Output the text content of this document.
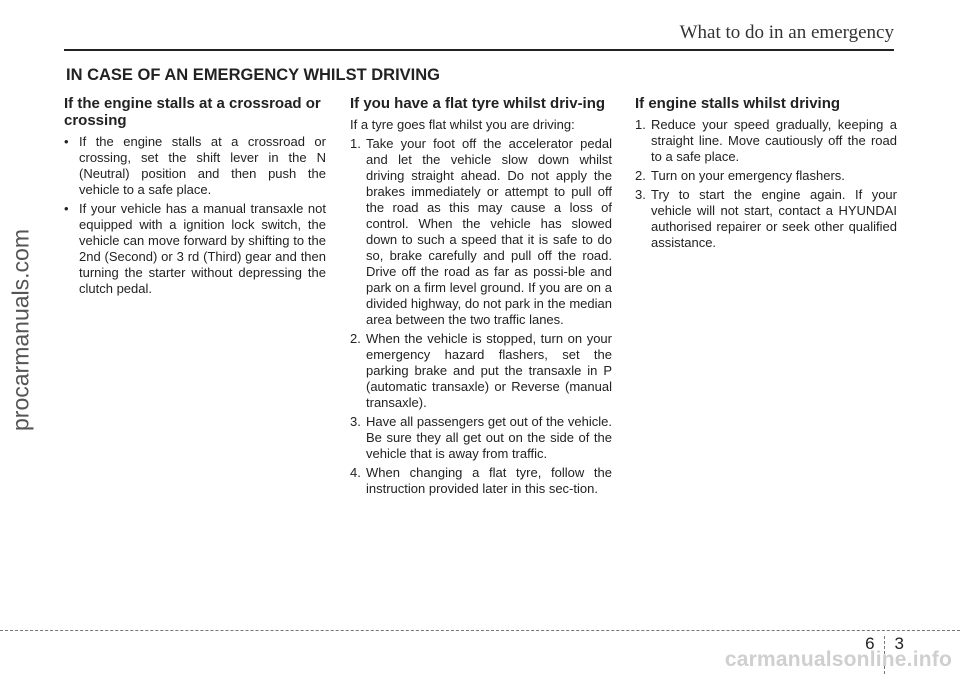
What to do in an emergency
procarmanuals.com
IN CASE OF AN EMERGENCY WHILST DRIVING
If the engine stalls at a crossroad or crossing
• If the engine stalls at a crossroad or crossing, set the shift lever in the N (Neutral) position and then push the vehicle to a safe place.
• If your vehicle has a manual transaxle not equipped with a ignition lock switch, the vehicle can move forward by shifting to the 2nd (Second) or 3 rd (Third) gear and then turning the starter without depressing the clutch pedal.
If you have a flat tyre whilst driv-ing

If a tyre goes flat whilst you are driving:

1. Take your foot off the accelerator pedal and let the vehicle slow down whilst driving straight ahead. Do not apply the brakes immediately or attempt to pull off the road as this may cause a loss of control. When the vehicle has slowed down to such a speed that it is safe to do so, brake carefully and pull off the road. Drive off the road as far as possi-ble and park on a firm level ground. If you are on a divided highway, do not park in the median area between the two traffic lanes.
2. When the vehicle is stopped, turn on your emergency hazard flashers, set the parking brake and put the transaxle in P (automatic transaxle) or Reverse (manual transaxle).
3. Have all passengers get out of the vehicle. Be sure they all get out on the side of the vehicle that is away from traffic.
4. When changing a flat tyre, follow the instruction provided later in this sec-tion.
If engine stalls whilst driving
1. Reduce your speed gradually, keeping a straight line. Move cautiously off the road to a safe place.
2. Turn on your emergency flashers.
3. Try to start the engine again. If your vehicle will not start, contact a HYUNDAI authorised repairer or seek other qualified assistance.
6 3
carmanualsonline.info
